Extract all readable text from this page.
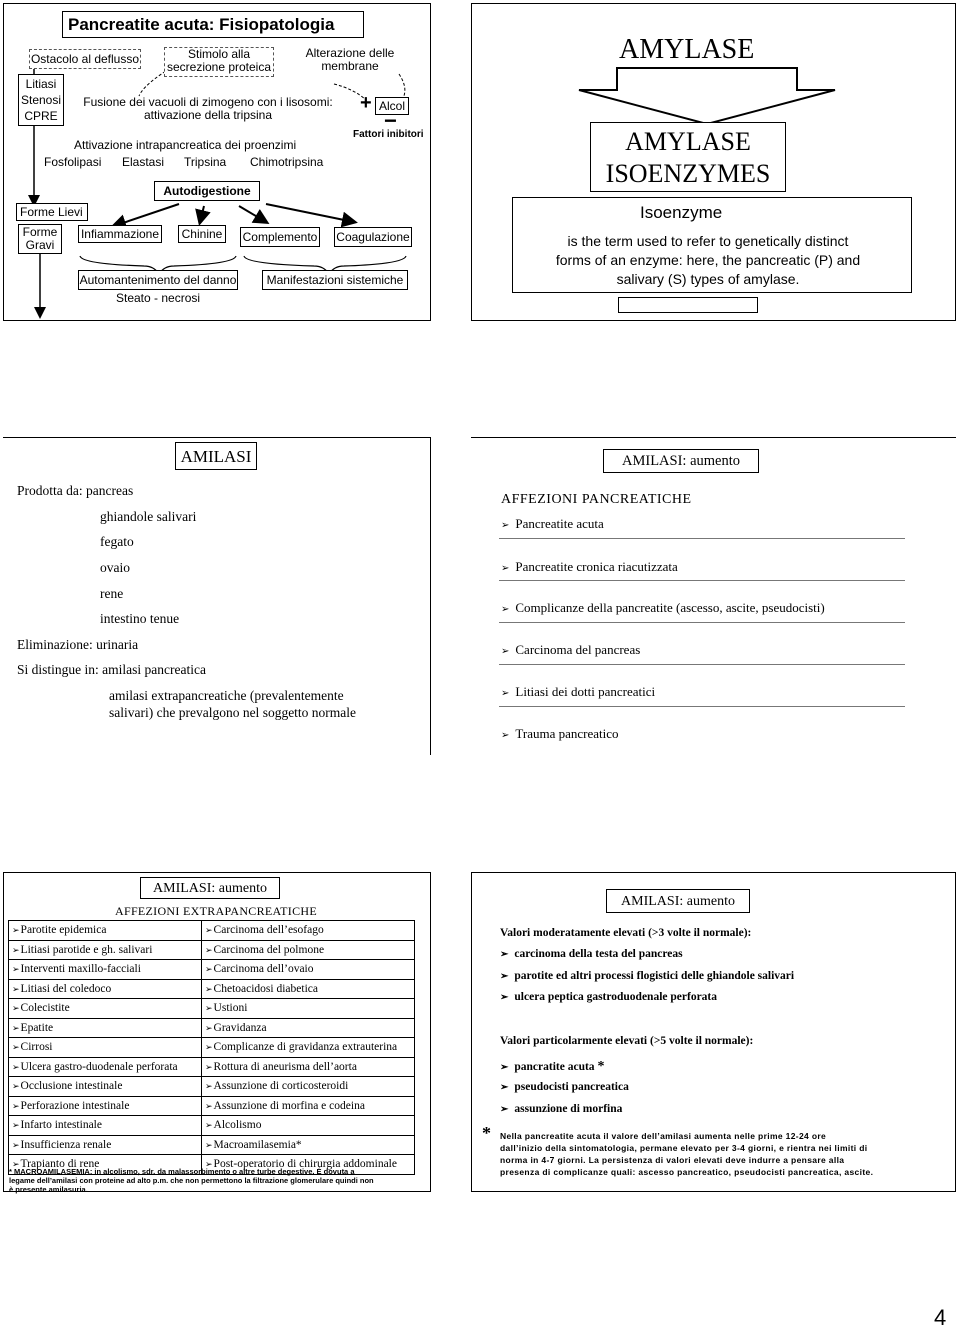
Pancreatite acuta: Fisiopatologia
Ostacolo al deflusso	Stimolo alla secrezione proteica
Alterazione delle membrane
Litiasi
Stenosi
CPRE
Fusione dei vacuoli di zimogeno con i lisosomi:
attivazione della tripsina
+ Alcol
−
Fattori inibitori
Attivazione intrapancreatica dei proenzimi
Fosfolipasi Elastasi Tripsina Chimotripsina
Autodigestione
Forme Lievi
Forme Gravi
Infiammazione	Chinine	Complemento Coagulazione
Automantenimento del danno
Steato - necrosi
Manifestazioni sistemiche
AMYLASE
AMYLASE
ISOENZYMES
Isoenzyme
is the term used to refer to genetically distinct
forms of an enzyme: here, the pancreatic (P) and
salivary (S) types of amylase.
AMILASI
Prodotta da: pancreas
ghiandole salivari
fegato
ovaio
rene
intestino tenue
Eliminazione: urinaria
Si distingue in: amilasi pancreatica
amilasi extrapancreatiche (prevalentemente
salivari) che prevalgono nel soggetto normale
AMILASI: aumento
AFFEZIONI PANCREATICHE
➢ Pancreatite acuta
➢ Pancreatite cronica riacutizzata
➢ Complicanze della pancreatite (ascesso, ascite, pseudocisti)
➢ Carcinoma del pancreas
➢ Litiasi dei dotti pancreatici
➢ Trauma pancreatico
AMILASI: aumento
AFFEZIONI EXTRAPANCREATICHE
➢Parotite epidemica	➢Carcinoma dell’esofago
➢Litiasi parotide e gh. salivari	➢Carcinoma del polmone
➢Interventi maxillo-facciali	➢Carcinoma dell’ovaio
➢Litiasi del coledoco	➢Chetoacidosi diabetica
➢Colecistite	➢Ustioni
➢Epatite	➢Gravidanza
➢Cirrosi	➢Complicanze di gravidanza extrauterina
➢Ulcera gastro-duodenale perforata	➢Rottura di aneurisma dell’aorta
➢Occlusione intestinale	➢Assunzione di corticosteroidi
➢Perforazione intestinale	➢Assunzione di morfina e codeina
➢Infarto intestinale	➢Alcolismo
➢Insufficienza renale	➢Macroamilasemia*
➢Trapianto di rene	➢Post-operatorio di chirurgia addominale
* MACROAMILASEMIA: in alcolismo, sdr. da malassorbimento o altre turbe degestive. É dovuta a
legame dell’amilasi con proteine ad alto p.m. che non permettono la filtrazione glomerulare quindi non
è presente amilasuria.
AMILASI: aumento
Valori moderatamente elevati (>3 volte il normale):
➢ carcinoma della testa del pancreas
➢ parotite ed altri processi flogistici delle ghiandole salivari
➢ ulcera peptica gastroduodenale perforata
Valori particolarmente elevati (>5 volte il normale):
➢ pancratite acuta *
➢ pseudocisti pancreatica
➢ assunzione di morfina
* Nella pancreatite acuta il valore dell’amilasi aumenta nelle prime 12-24 ore
dall’inizio della sintomatologia, permane elevato per 3-4 giorni, e rientra nei limiti di
norma in 4-7 giorni. La persistenza di valori elevati deve indurre a pensare alla
presenza di complicanze quali: ascesso pancreatico, pseudocisti pancreatica, ascite.
4
